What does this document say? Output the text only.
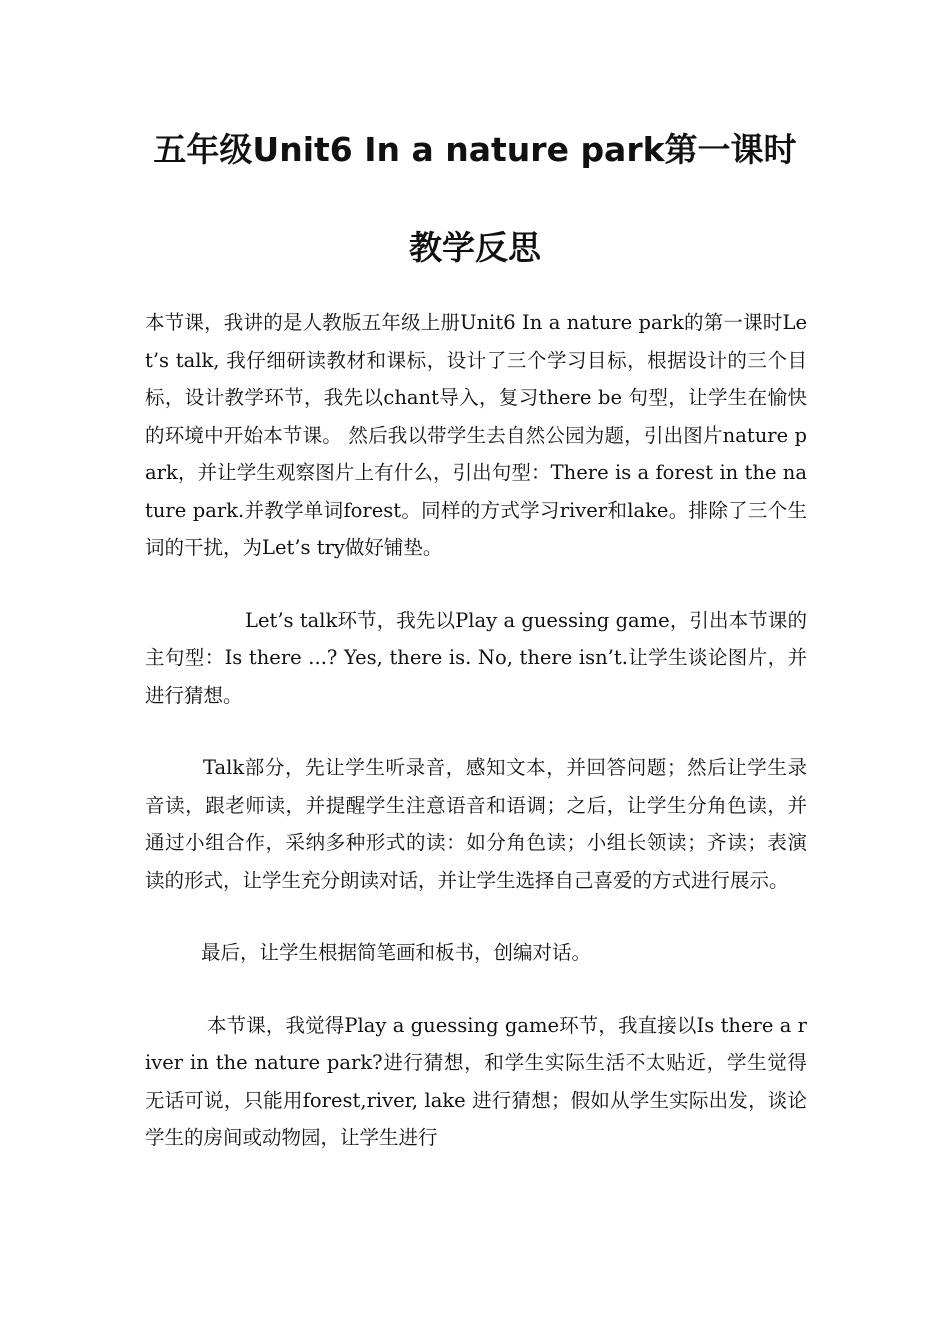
五年级Unit6 In a nature park第一课时
教学反思

本节课，我讲的是人教版五年级上册Unit6 In a nature park的第一课时Let’s talk, 我仔细研读教材和课标，设计了三个学习目标，根据设计的三个目标，设计教学环节，我先以chant导入，复习there be 句型，让学生在愉快的环境中开始本节课。 然后我以带学生去自然公园为题，引出图片nature park，并让学生观察图片上有什么，引出句型：There is a forest in the nature park.并教学单词forest。同样的方式学习river和lake。排除了三个生词的干扰，为Let’s try做好铺垫。

Let’s talk环节，我先以Play a guessing game，引出本节课的主句型：Is there ...? Yes, there is. No, there isn’t.让学生谈论图片，并进行猜想。

Talk部分，先让学生听录音，感知文本，并回答问题；然后让学生录音读，跟老师读，并提醒学生注意语音和语调；之后，让学生分角色读，并通过小组合作，采纳多种形式的读：如分角色读；小组长领读；齐读；表演读的形式，让学生充分朗读对话，并让学生选择自己喜爱的方式进行展示。

最后，让学生根据简笔画和板书，创编对话。

本节课，我觉得Play a guessing game环节，我直接以Is there a river in the nature park?进行猜想，和学生实际生活不太贴近，学生觉得无话可说，只能用forest,river, lake 进行猜想；假如从学生实际出发，谈论学生的房间或动物园，让学生进行
